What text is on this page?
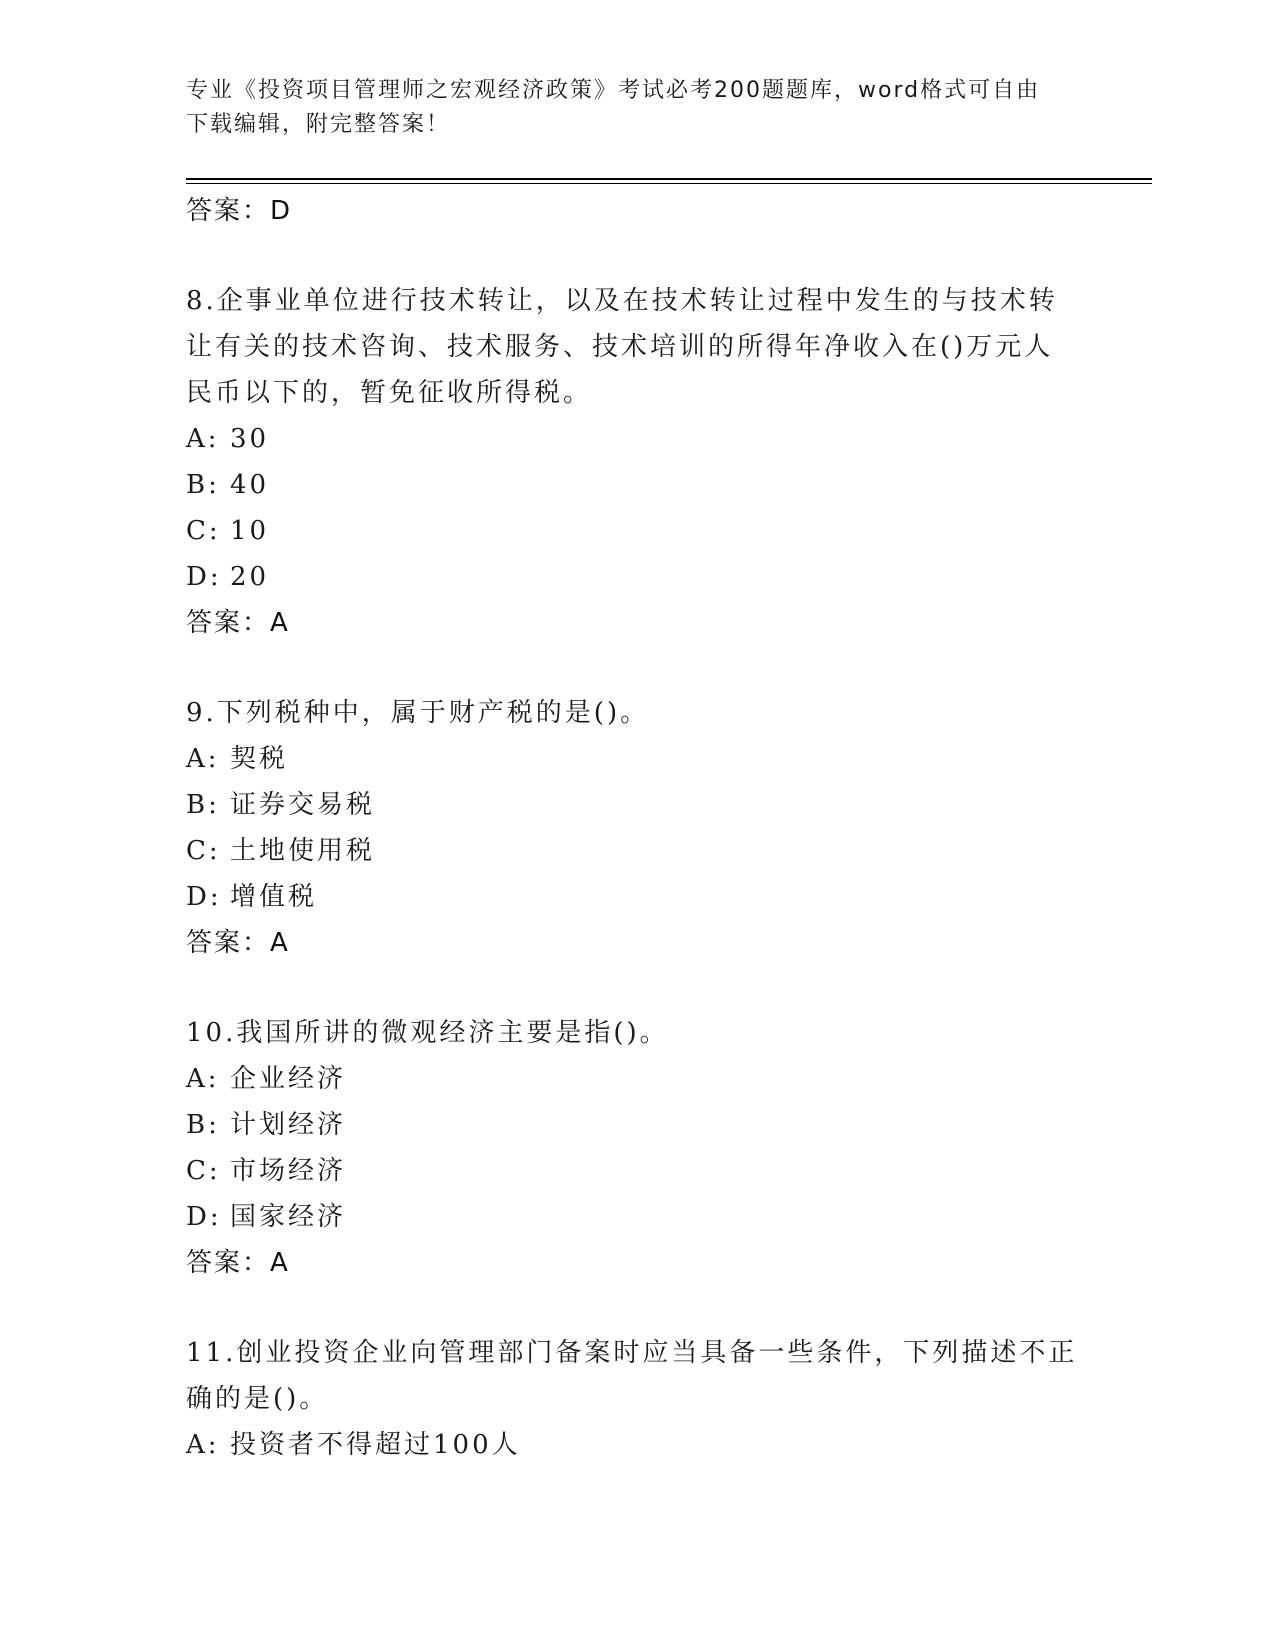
专业《投资项目管理师之宏观经济政策》考试必考200题题库，word格式可自由
下载编辑，附完整答案！
答案：D
8.企事业单位进行技术转让，以及在技术转让过程中发生的与技术转
让有关的技术咨询、技术服务、技术培训的所得年净收入在()万元人
民币以下的，暂免征收所得税。
A: 30
B: 40
C: 10
D: 20
答案：A
9.下列税种中，属于财产税的是()。
A: 契税
B: 证券交易税
C: 土地使用税
D: 增值税
答案：A
10.我国所讲的微观经济主要是指()。
A: 企业经济
B: 计划经济
C: 市场经济
D: 国家经济
答案：A
11.创业投资企业向管理部门备案时应当具备一些条件，下列描述不正
确的是()。
A: 投资者不得超过100人
